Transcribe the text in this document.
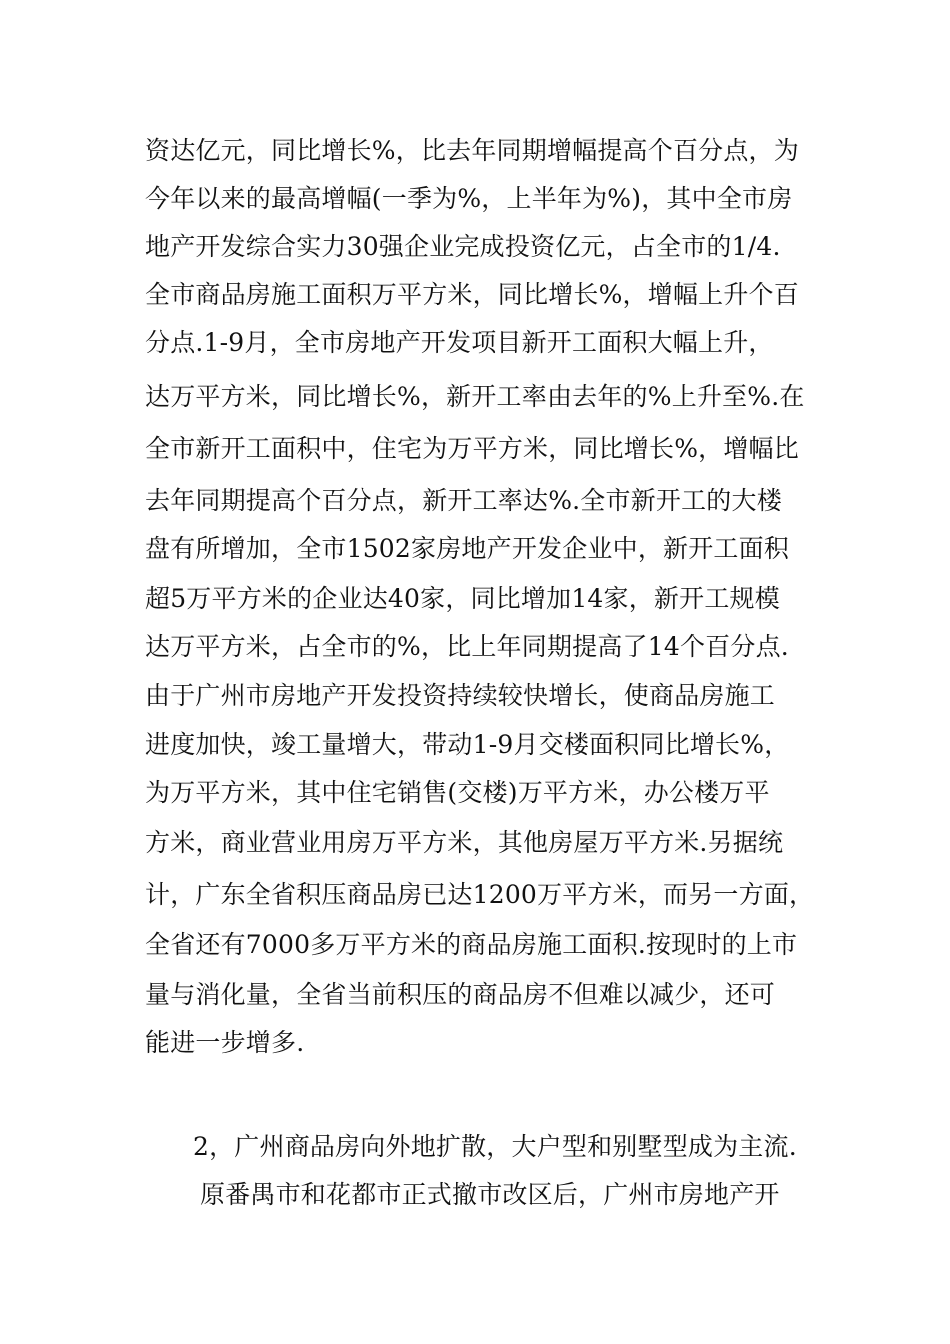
资达亿元，同比增长%，比去年同期增幅提高个百分点，为
今年以来的最高增幅(一季为%，上半年为%)，其中全市房
地产开发综合实力30强企业完成投资亿元，占全市的1/4.
全市商品房施工面积万平方米，同比增长%，增幅上升个百
分点.1-9月，全市房地产开发项目新开工面积大幅上升，
达万平方米，同比增长%，新开工率由去年的%上升至%.在
全市新开工面积中，住宅为万平方米，同比增长%，增幅比
去年同期提高个百分点，新开工率达%.全市新开工的大楼
盘有所增加，全市1502家房地产开发企业中，新开工面积
超5万平方米的企业达40家，同比增加14家，新开工规模
达万平方米，占全市的%，比上年同期提高了14个百分点.
由于广州市房地产开发投资持续较快增长，使商品房施工
进度加快，竣工量增大，带动1-9月交楼面积同比增长%，
为万平方米，其中住宅销售(交楼)万平方米，办公楼万平
方米，商业营业用房万平方米，其他房屋万平方米.另据统
计，广东全省积压商品房已达1200万平方米，而另一方面，
全省还有7000多万平方米的商品房施工面积.按现时的上市
量与消化量，全省当前积压的商品房不但难以减少，还可
能进一步增多.
2，广州商品房向外地扩散，大户型和别墅型成为主流.
原番禺市和花都市正式撤市改区后，广州市房地产开
